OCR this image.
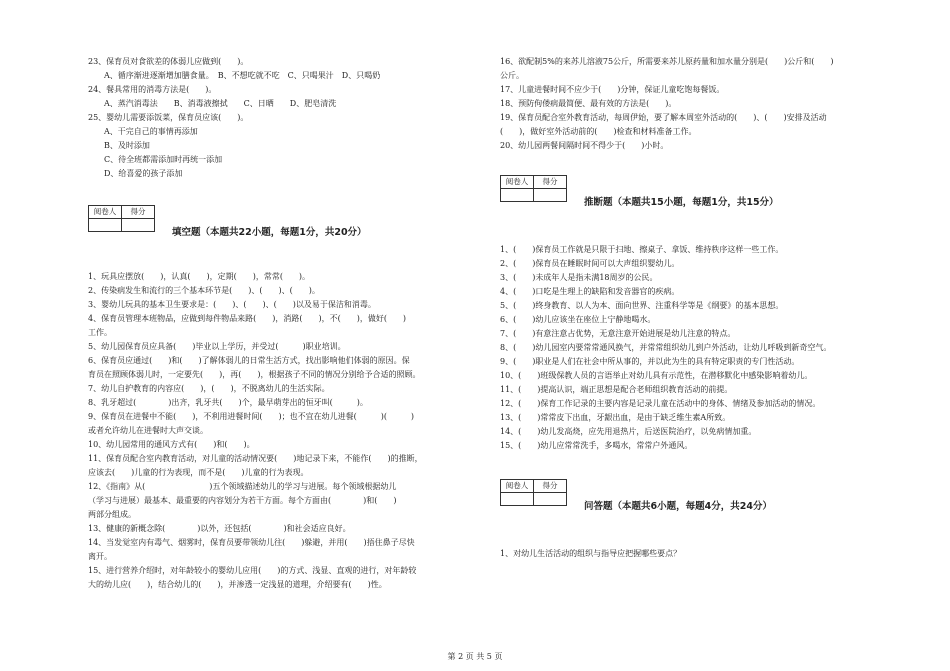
23、保育员对食欲差的体弱儿应做到(　　)。

A、循序渐进逐渐增加膳食量。　B、不想吃就不吃　C、只喝果汁　D、只喝奶

24、餐具常用的消毒方法是(　　)。

A、蒸汽消毒法　　B、消毒液擦拭　　C、日晒　　D、肥皂清洗

25、婴幼儿需要添饭菜，保育员应该(　　)。

A、干完自己的事情再添加

B、及时添加

C、待全班都需添加时再统一添加

D、给喜爱的孩子添加

阅卷人	得分

填空题（本题共22小题，每题1分，共20分）

1、玩具应摆放(　　)，认真(　　)，定期(　　)，常常(　　)。

2、传染病发生和流行的三个基本环节是(　　)、(　　)、(　　)。

3、婴幼儿玩具的基本卫生要求是：(　　)、(　　)、(　　)以及易于保洁和消毒。

4、保育员管理本班物品，应做到每件物品来路(　　)，消路(　　)，不(　　)，做好(　　)

工作。

5、幼儿园保育员应具备(　　)毕业以上学历，并受过(　　　)职业培训。

6、保育员应通过(　　)和(　　)了解体弱儿的日常生活方式，找出影响他们体弱的原因。保

育员在照顾体弱儿时，一定要先(　　)，再(　　)，根据孩子不同的情况分别给予合适的照顾。

7、幼儿自护教育的内容应(　　)，(　　)，不脱离幼儿的生活实际。

8、乳牙超过(　　　　)出齐，乳牙共(　　)个，最早萌芽出的恒牙叫(　　　)。

9、保育员在进餐中不能(　　)，不利用进餐时间(　　)；也不宜在幼儿进餐(　　　)(　　　)

或者允许幼儿在进餐时大声交谈。

10、幼儿园常用的通风方式有(　　)和(　　)。

11、保育员配合室内教育活动，对儿童的活动情况要(　　)地记录下来，不能作(　　)的推断，

应该去(　　)儿童的行为表现，而不是(　　)儿童的行为表现。

12、《指南》从(　　　　　　　　)五个领域描述幼儿的学习与进展。每个领域根据幼儿

（学习与进展）最基本、最重要的内容划分为若干方面。每个方面由(　　　　)和(　　)

两部分组成。

13、健康的新概念除(　　　　)以外，还包括(　　　　)和社会适应良好。

14、当发觉室内有毒气、烟雾时，保育员要带领幼儿往(　　)躲避，并用(　　)捂住鼻子尽快

离开。

15、进行营养介绍时，对年龄较小的婴幼儿应用(　　)的方式、浅显、直观的进行，对年龄较

大的幼儿应(　　)，结合幼儿的(　　)，并渗透一定浅显的道理，介绍要有(　　)性。

16、欲配制5%的来苏儿溶液75公斤，所需要来苏儿原药量和加水量分别是(　　)公斤和(　　)

公斤。

17、儿童进餐时间不应少于(　　)分钟，保证儿童吃饱每餐饭。

18、预防佝偻病最简便、最有效的方法是(　　)。

19、保育员配合室外教育活动，每周伊始，要了解本周室外活动的(　　)、(　　)安排及活动

(　　)，做好室外活动前的(　　)检查和材料准备工作。

20、幼儿园两餐间隔时间不得少于(　　)小时。

阅卷人	得分

推断题（本题共15小题，每题1分，共15分）

1、(　　)保育员工作就是只限于扫地、擦桌子、拿饭、维持秩序这样一些工作。

2、(　　)保育员在睡眠时间可以大声组织婴幼儿。

3、(　　)未成年人是指未满18周岁的公民。

4、(　　)口吃是生理上的缺陷和发音器官的疾病。

5、(　　)终身教育、以人为本、面向世界、注重科学等是《纲要》的基本思想。

6、(　　)幼儿应该坐在座位上宁静地喝水。

7、(　　)有意注意占优势，无意注意开始进展是幼儿注意的特点。

8、(　　)幼儿园室内要常常通风换气，并常常组织幼儿到户外活动，让幼儿呼吸到新奇空气。

9、(　　)职业是人们在社会中所从事的，并以此为生的具有特定职责的专门性活动。

10、(　　)班级保教人员的言语举止对幼儿具有示范性，在潜移默化中感染影响着幼儿。

11、(　　)提高认识，端正思想是配合老师组织教育活动的前提。

12、(　　)保育工作记录的主要内容是记录儿童在活动中的身体、情绪及参加活动的情况。

13、(　　)常常皮下出血，牙龈出血，是由于缺乏维生素A所致。

14、(　　)幼儿发高烧，应先用退热片，后送医院治疗，以免病情加重。

15、(　　)幼儿应常常洗手，多喝水，常常户外通风。

阅卷人	得分

问答题（本题共6小题，每题4分，共24分）

1、对幼儿生活活动的组织与指导应把握哪些要点？

第 2 页 共 5 页
